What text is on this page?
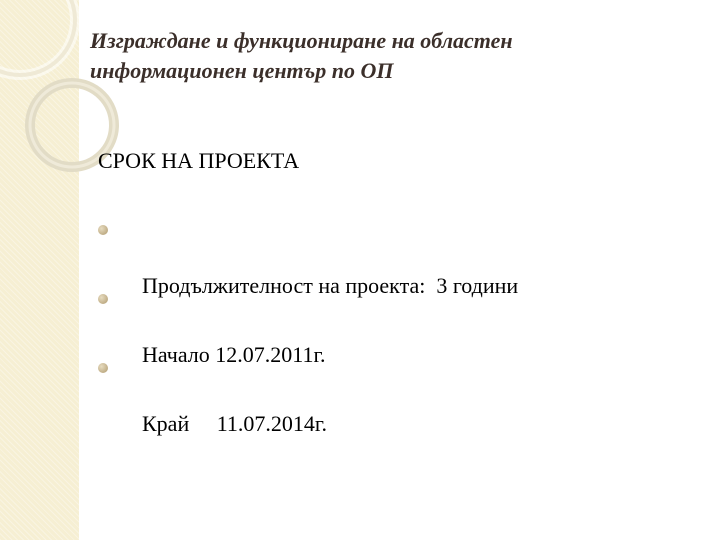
Изграждане и функциониране на областен
информационен център по ОП
СРОК НА ПРОЕКТА

Продължителност на проекта:  3 години

Начало 12.07.2011г.

Край     11.07.2014г.
